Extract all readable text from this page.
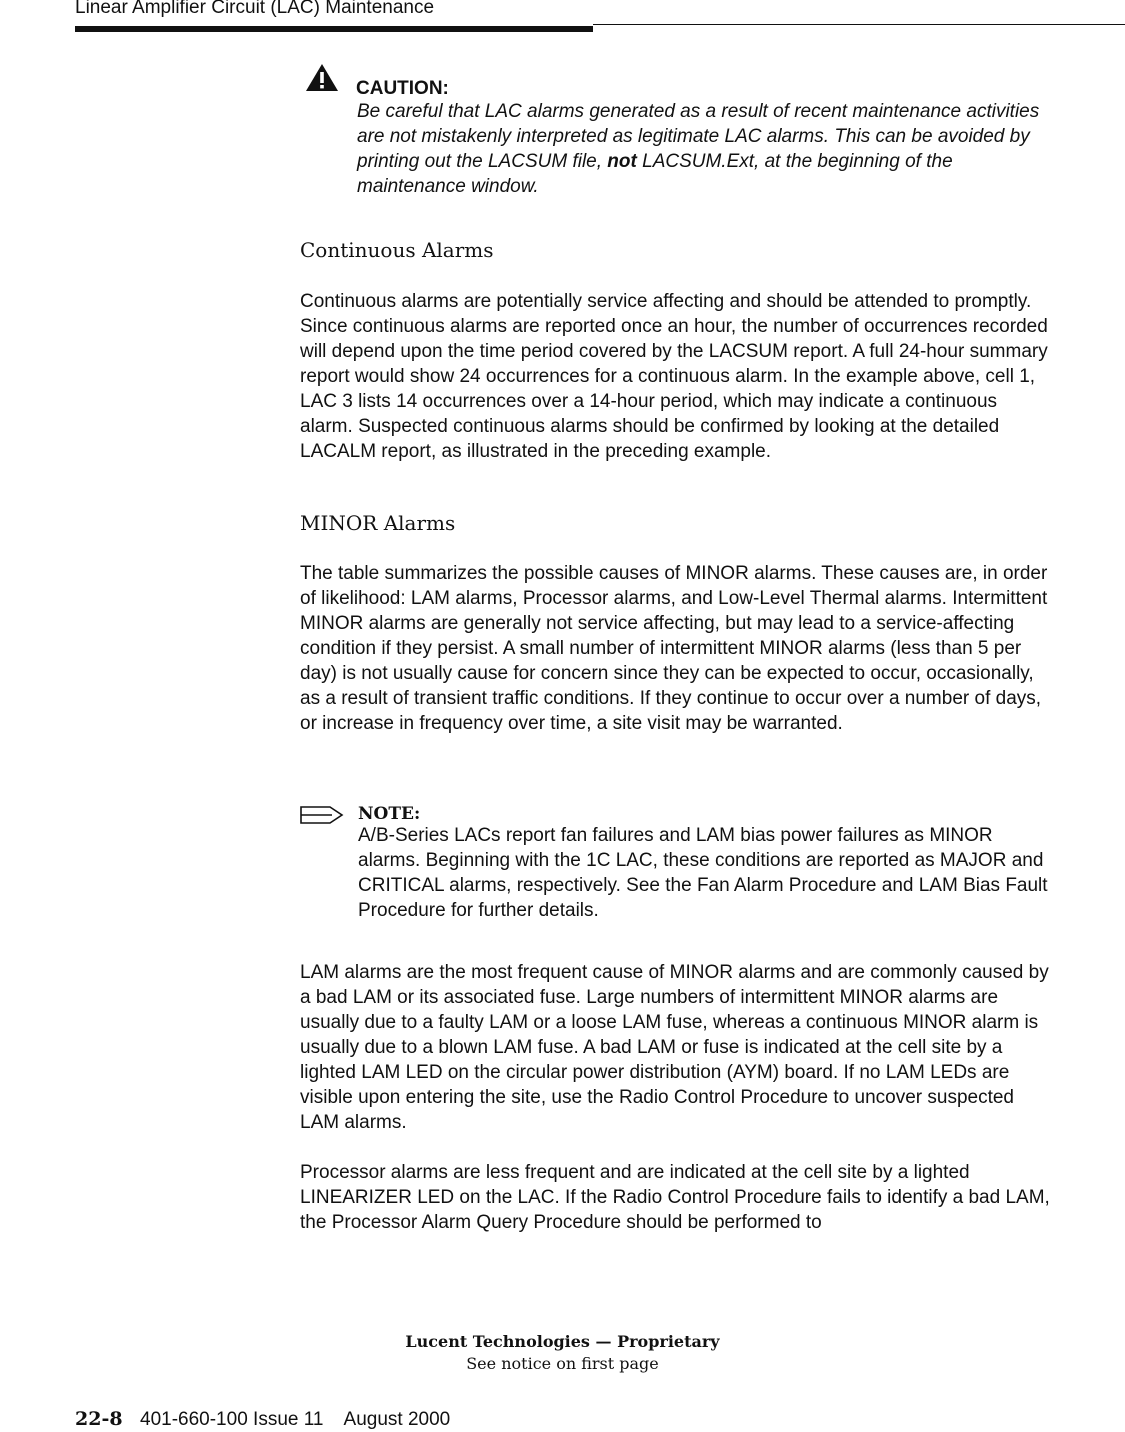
Linear Amplifier Circuit (LAC) Maintenance
CAUTION:

Be careful that LAC alarms generated as a result of recent maintenance activities are not mistakenly interpreted as legitimate LAC alarms. This can be avoided by printing out the LACSUM file, not LACSUM.Ext, at the beginning of the maintenance window.

Continuous Alarms

Continuous alarms are potentially service affecting and should be attended to promptly. Since continuous alarms are reported once an hour, the number of occurrences recorded will depend upon the time period covered by the LACSUM report. A full 24-hour summary report would show 24 occurrences for a continuous alarm. In the example above, cell 1, LAC 3 lists 14 occurrences over a 14-hour period, which may indicate a continuous alarm. Suspected continuous alarms should be confirmed by looking at the detailed LACALM report, as illustrated in the preceding example.

MINOR Alarms

The table summarizes the possible causes of MINOR alarms. These causes are, in order of likelihood: LAM alarms, Processor alarms, and Low-Level Thermal alarms. Intermittent MINOR alarms are generally not service affecting, but may lead to a service-affecting condition if they persist. A small number of intermittent MINOR alarms (less than 5 per day) is not usually cause for concern since they can be expected to occur, occasionally, as a result of transient traffic conditions. If they continue to occur over a number of days, or increase in frequency over time, a site visit may be warranted.

NOTE:

A/B-Series LACs report fan failures and LAM bias power failures as MINOR alarms. Beginning with the 1C LAC, these conditions are reported as MAJOR and CRITICAL alarms, respectively. See the Fan Alarm Procedure and LAM Bias Fault Procedure for further details.

LAM alarms are the most frequent cause of MINOR alarms and are commonly caused by a bad LAM or its associated fuse. Large numbers of intermittent MINOR alarms are usually due to a faulty LAM or a loose LAM fuse, whereas a continuous MINOR alarm is usually due to a blown LAM fuse. A bad LAM or fuse is indicated at the cell site by a lighted LAM LED on the circular power distribution (AYM) board. If no LAM LEDs are visible upon entering the site, use the Radio Control Procedure to uncover suspected LAM alarms.

Processor alarms are less frequent and are indicated at the cell site by a lighted LINEARIZER LED on the LAC. If the Radio Control Procedure fails to identify a bad LAM, the Processor Alarm Query Procedure should be performed to

Lucent Technologies — Proprietary
See notice on first page
22-8 401-660-100 Issue 11    August 2000
